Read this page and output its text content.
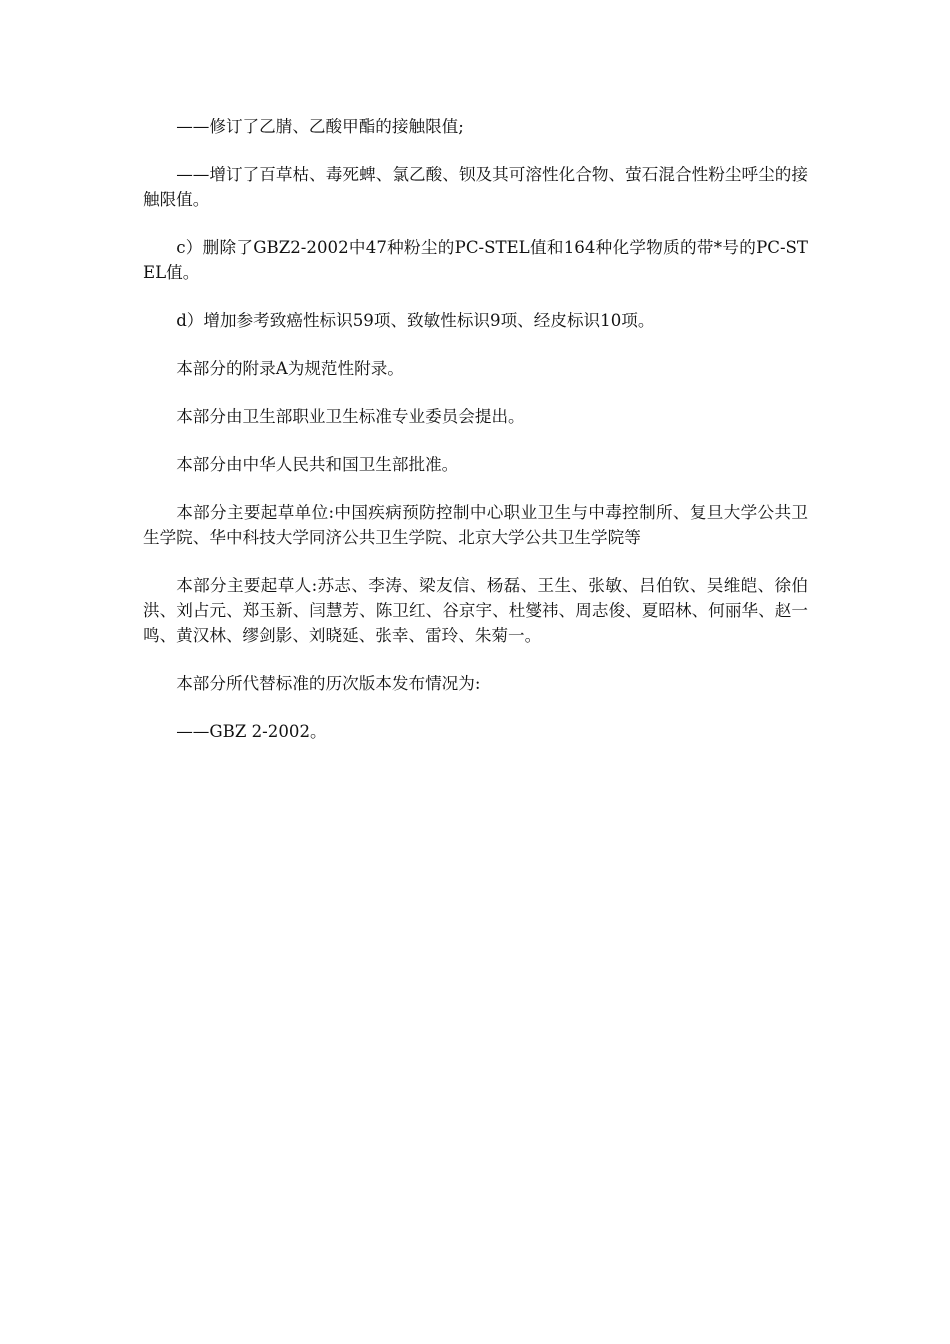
——修订了乙腈、乙酸甲酯的接触限值;

——增订了百草枯、毒死蜱、氯乙酸、钡及其可溶性化合物、萤石混合性粉尘呼尘的接触限值。

c）删除了GBZ2-2002中47种粉尘的PC-STEL值和164种化学物质的带*号的PC-STEL值。

d）增加参考致癌性标识59项、致敏性标识9项、经皮标识10项。

本部分的附录A为规范性附录。

本部分由卫生部职业卫生标准专业委员会提出。

本部分由中华人民共和国卫生部批准。

本部分主要起草单位:中国疾病预防控制中心职业卫生与中毒控制所、复旦大学公共卫生学院、华中科技大学同济公共卫生学院、北京大学公共卫生学院等

本部分主要起草人:苏志、李涛、梁友信、杨磊、王生、张敏、吕伯钦、吴维皑、徐伯洪、刘占元、郑玉新、闫慧芳、陈卫红、谷京宇、杜燮祎、周志俊、夏昭林、何丽华、赵一鸣、黄汉林、缪剑影、刘晓延、张幸、雷玲、朱菊一。

本部分所代替标准的历次版本发布情况为:

——GBZ 2-2002。
